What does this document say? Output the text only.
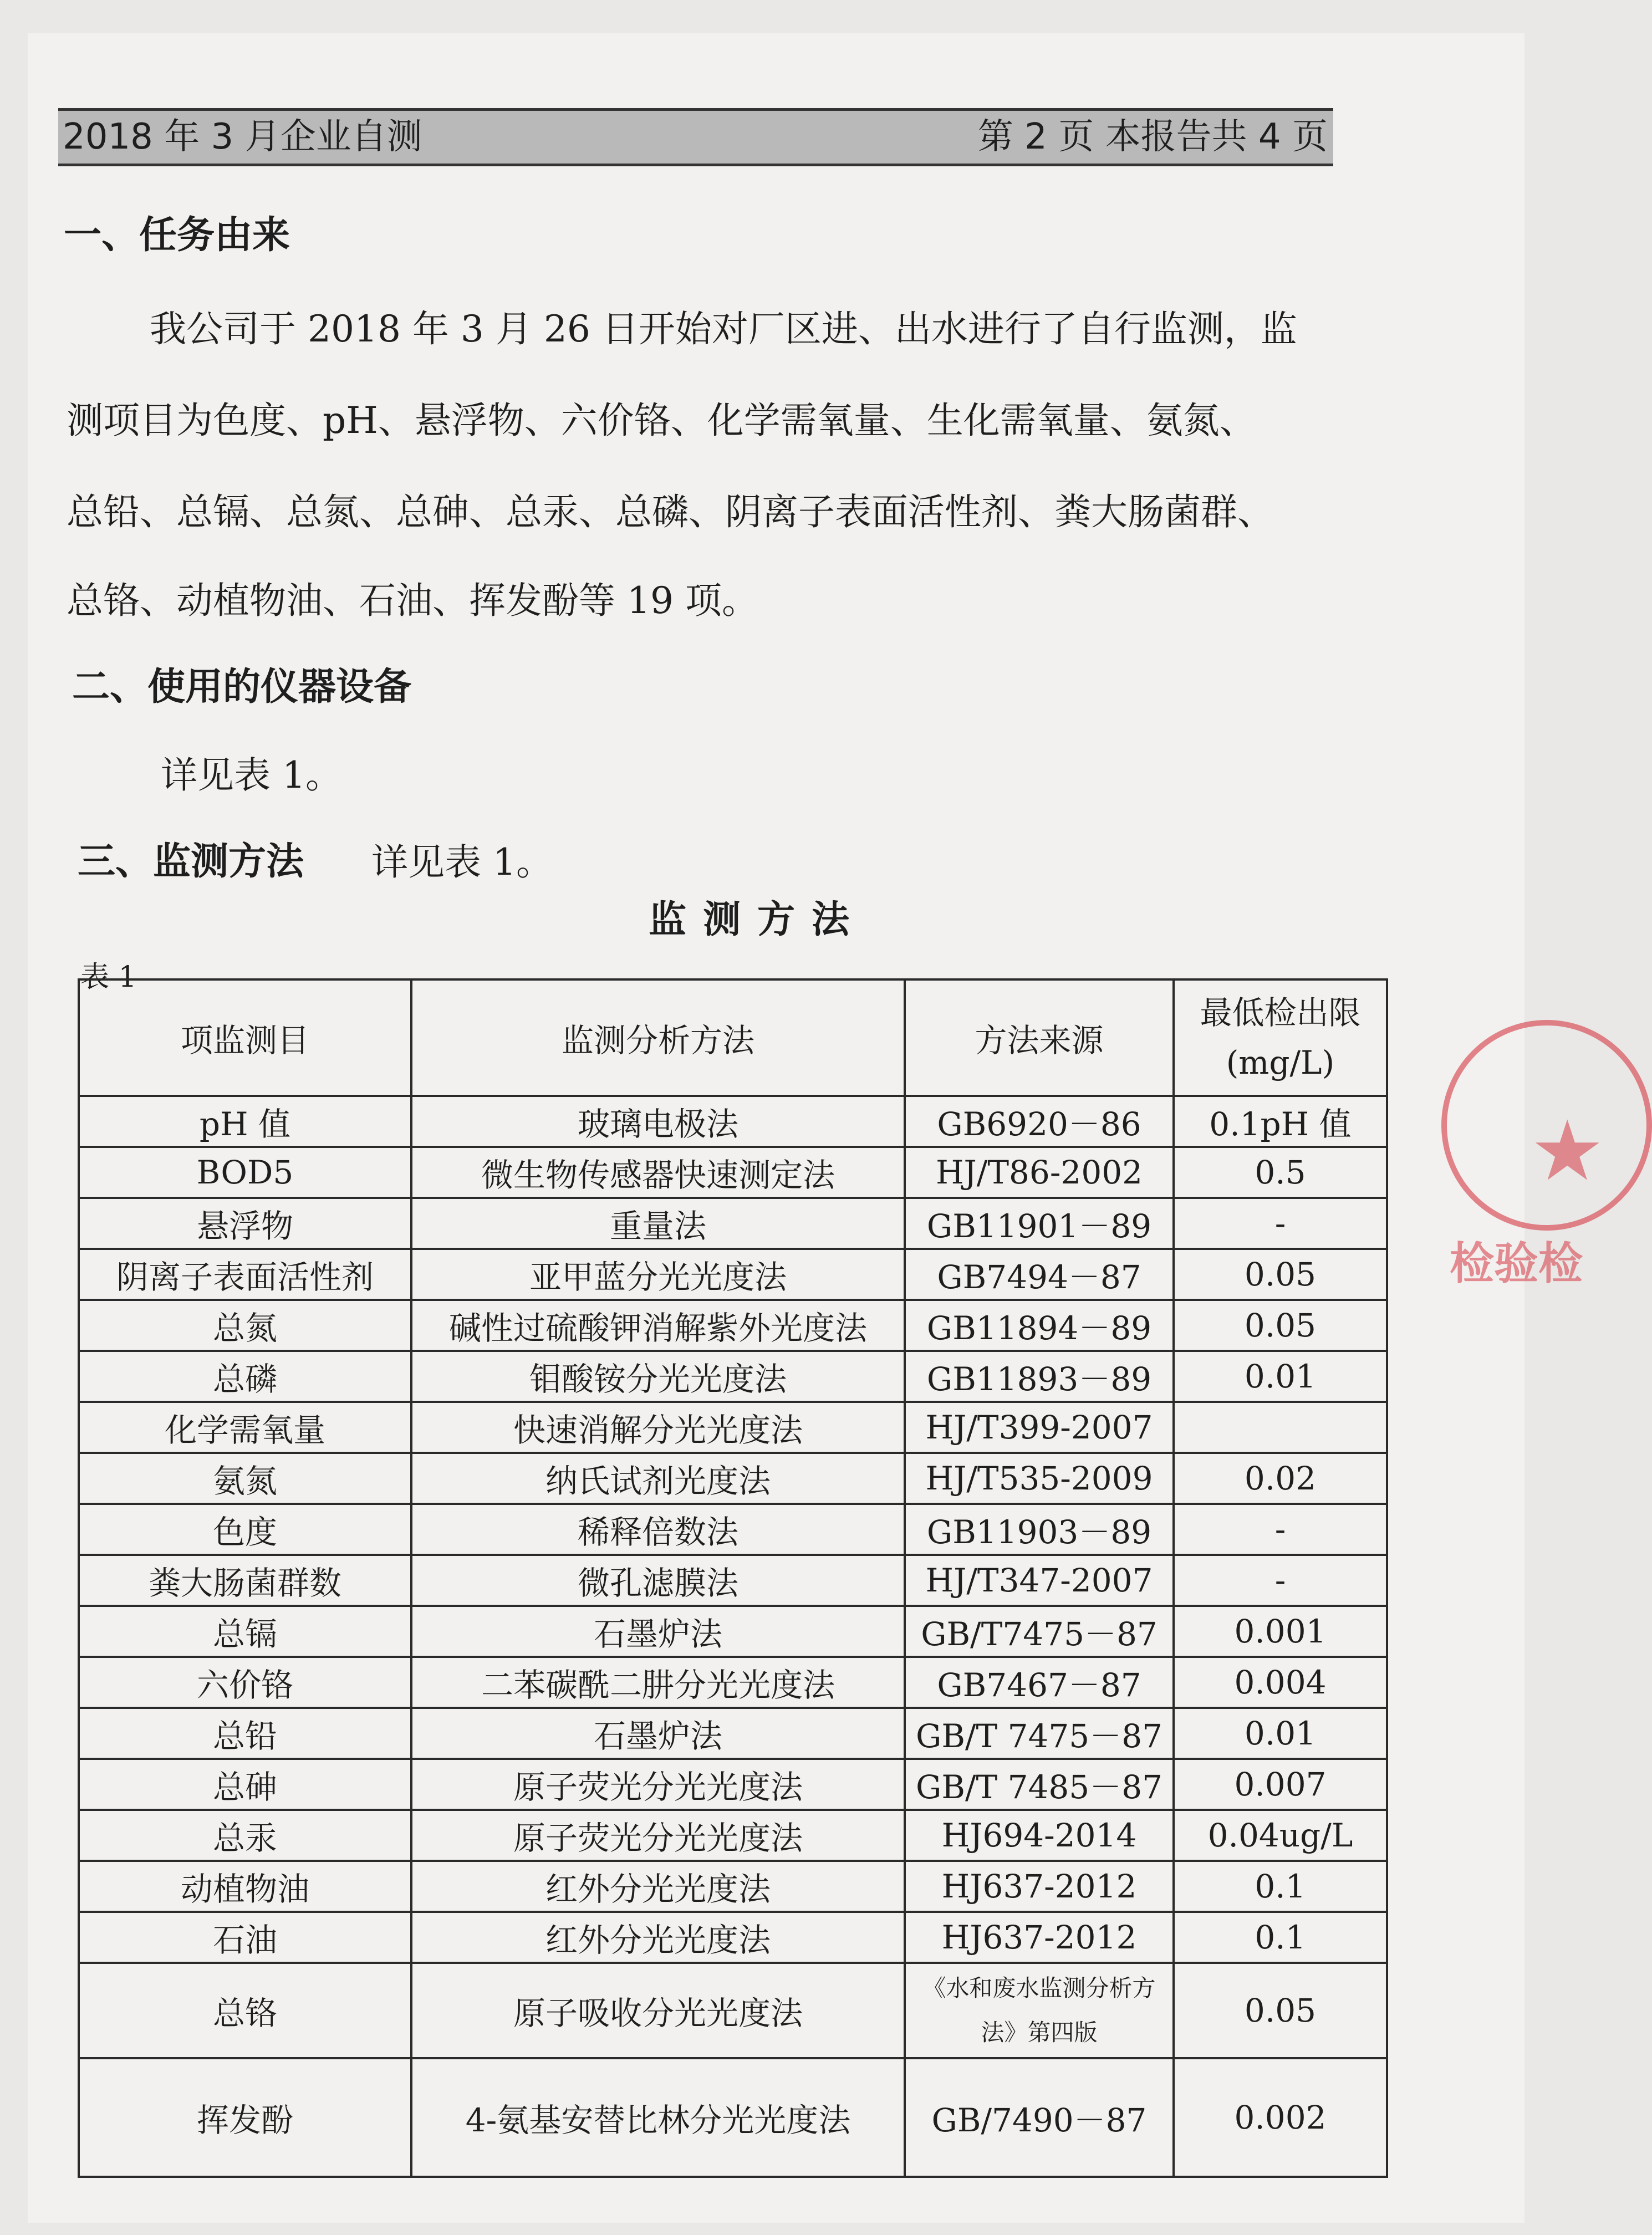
2018 年 3 月企业自测	第 2 页 本报告共 4 页
一、任务由来
我公司于 2018 年 3 月 26 日开始对厂区进、出水进行了自行监测，监
测项目为色度、pH、悬浮物、六价铬、化学需氧量、生化需氧量、氨氮、
总铅、总镉、总氮、总砷、总汞、总磷、阴离子表面活性剂、粪大肠菌群、
总铬、动植物油、石油、挥发酚等 19 项。
二、使用的仪器设备
详见表 1。
三、监测方法 详见表 1。
监测方法
表 1
项监测目	监测分析方法	方法来源	最低检出限
(mg/L)
pH 值	玻璃电极法	GB6920－86	0.1pH 值
BOD5	微生物传感器快速测定法	HJ/T86-2002	0.5
悬浮物	重量法	GB11901－89	-
阴离子表面活性剂	亚甲蓝分光光度法	GB7494－87	0.05
总氮	碱性过硫酸钾消解紫外光度法	GB11894－89	0.05
总磷	钼酸铵分光光度法	GB11893－89	0.01
化学需氧量	快速消解分光光度法	HJ/T399-2007	
氨氮	纳氏试剂光度法	HJ/T535-2009	0.02
色度	稀释倍数法	GB11903－89	-
粪大肠菌群数	微孔滤膜法	HJ/T347-2007	-
总镉	石墨炉法	GB/T7475－87	0.001
六价铬	二苯碳酰二肼分光光度法	GB7467－87	0.004
总铅	石墨炉法	GB/T 7475－87	0.01
总砷	原子荧光分光光度法	GB/T 7485－87	0.007
总汞	原子荧光分光光度法	HJ694-2014	0.04ug/L
动植物油	红外分光光度法	HJ637-2012	0.1
石油	红外分光光度法	HJ637-2012	0.1
总铬	原子吸收分光光度法	《水和废水监测分析方法》第四版	0.05
挥发酚	4-氨基安替比林分光光度法	GB/7490－87	0.002
★
检验检
